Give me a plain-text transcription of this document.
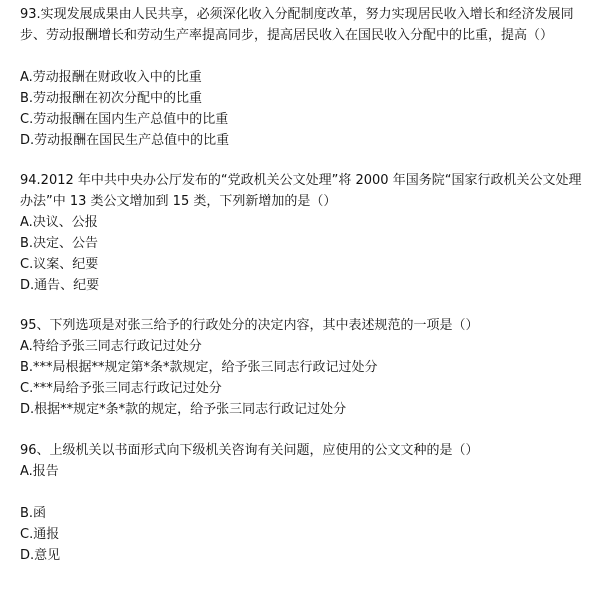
93.实现发展成果由人民共享，必须深化收入分配制度改革，努力实现居民收入增长和经济发展同步、劳动报酬增长和劳动生产率提高同步，提高居民收入在国民收入分配中的比重，提高（）
A.劳动报酬在财政收入中的比重
B.劳动报酬在初次分配中的比重
C.劳动报酬在国内生产总值中的比重
D.劳动报酬在国民生产总值中的比重
94.2012 年中共中央办公厅发布的“党政机关公文处理”将 2000 年国务院“国家行政机关公文处理办法”中 13 类公文增加到 15 类，下列新增加的是（）
A.决议、公报
B.决定、公告
C.议案、纪要
D.通告、纪要
95、下列选项是对张三给予的行政处分的决定内容，其中表述规范的一项是（）
A.特给予张三同志行政记过处分
B.***局根据**规定第*条*款规定，给予张三同志行政记过处分
C.***局给予张三同志行政记过处分
D.根据**规定*条*款的规定，给予张三同志行政记过处分
96、上级机关以书面形式向下级机关咨询有关问题，应使用的公文文种的是（）
A.报告
B.函
C.通报
D.意见
